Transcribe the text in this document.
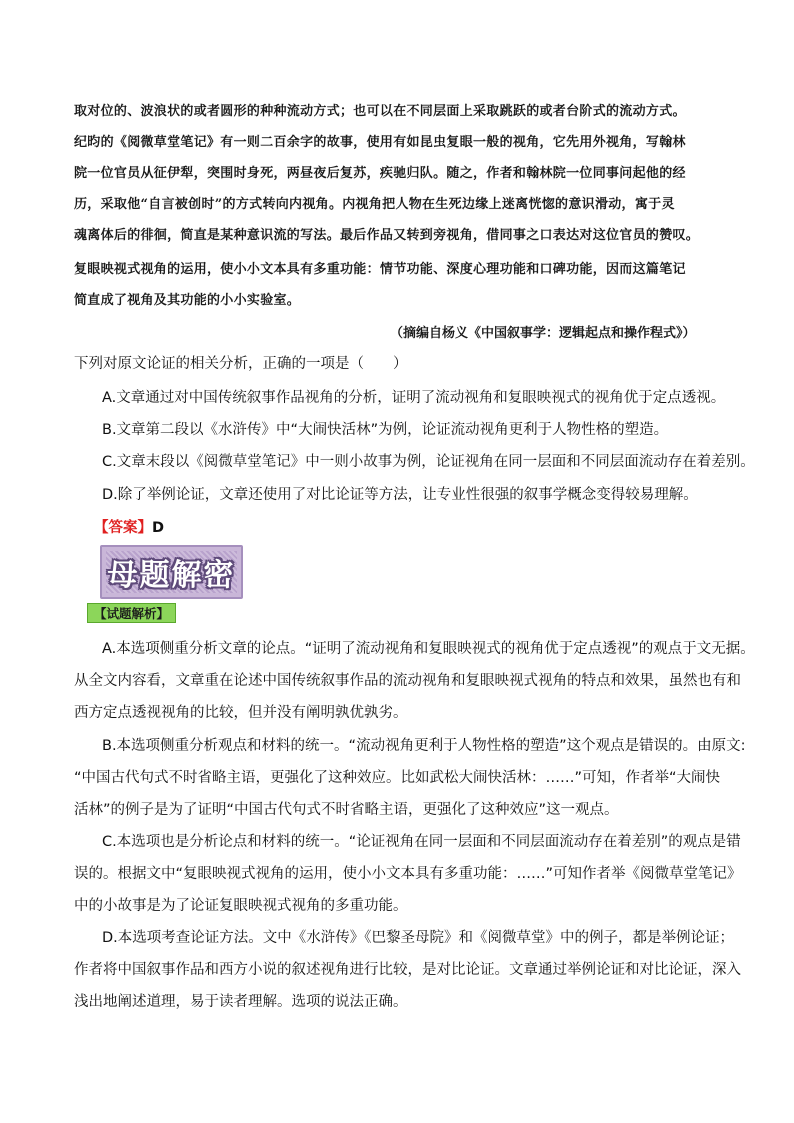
取对位的、波浪状的或者圆形的种种流动方式；也可以在不同层面上采取跳跃的或者台阶式的流动方式。

纪昀的《阅微草堂笔记》有一则二百余字的故事，使用有如昆虫复眼一般的视角，它先用外视角，写翰林

院一位官员从征伊犁，突围时身死，两昼夜后复苏，疾驰归队。随之，作者和翰林院一位同事问起他的经

历，采取他“自言被创时”的方式转向内视角。内视角把人物在生死边缘上迷离恍惚的意识滑动，寓于灵

魂离体后的徘徊，简直是某种意识流的写法。最后作品又转到旁视角，借同事之口表达对这位官员的赞叹。

复眼映视式视角的运用，使小小文本具有多重功能：情节功能、深度心理功能和口碑功能，因而这篇笔记

简直成了视角及其功能的小小实验室。

（摘编自杨义《中国叙事学：逻辑起点和操作程式》）

下列对原文论证的相关分析，正确的一项是（　　）

A.文章通过对中国传统叙事作品视角的分析，证明了流动视角和复眼映视式的视角优于定点透视。

B.文章第二段以《水浒传》中“大闹快活林”为例，论证流动视角更利于人物性格的塑造。

C.文章末段以《阅微草堂笔记》中一则小故事为例，论证视角在同一层面和不同层面流动存在着差别。

D.除了举例论证，文章还使用了对比论证等方法，让专业性很强的叙事学概念变得较易理解。

【答案】D

母题解密
【试题解析】

A.本选项侧重分析文章的论点。“证明了流动视角和复眼映视式的视角优于定点透视”的观点于文无据。

从全文内容看，文章重在论述中国传统叙事作品的流动视角和复眼映视式视角的特点和效果，虽然也有和

西方定点透视视角的比较，但并没有阐明孰优孰劣。

B.本选项侧重分析观点和材料的统一。“流动视角更利于人物性格的塑造”这个观点是错误的。由原文:

“中国古代句式不时省略主语，更强化了这种效应。比如武松大闹快活林：……”可知，作者举“大闹快

活林”的例子是为了证明“中国古代句式不时省略主语，更强化了这种效应”这一观点。

C.本选项也是分析论点和材料的统一。“论证视角在同一层面和不同层面流动存在着差别”的观点是错

误的。根据文中“复眼映视式视角的运用，使小小文本具有多重功能：……”可知作者举《阅微草堂笔记》

中的小故事是为了论证复眼映视式视角的多重功能。

D.本选项考查论证方法。文中《水浒传》《巴黎圣母院》和《阅微草堂》中的例子，都是举例论证；

作者将中国叙事作品和西方小说的叙述视角进行比较，是对比论证。文章通过举例论证和对比论证，深入

浅出地阐述道理，易于读者理解。选项的说法正确。
